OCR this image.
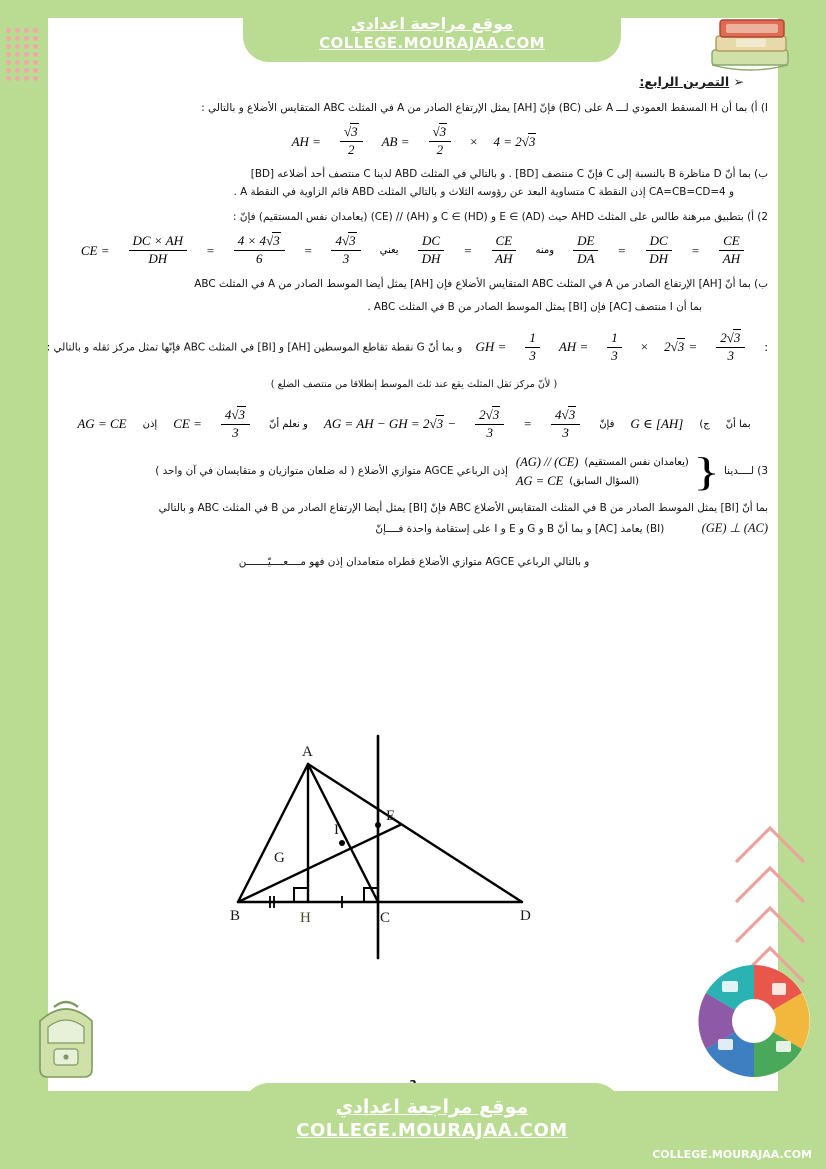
موقع مراجعة اعدادي
COLLEGE.MOURAJAA.COM
➢ التمرين الرابع:
I) أ) بما أن H المسقط العمودي لـــ A على (BC) فإنّ [AH] يمثل الإرتفاع الصادر من A في المثلث ABC المتقايس الأضلاع و بالتالي :
AH = $\frac{√3}{2}$ AB = $\frac{√3}{2} \times 4 = 2√3$
ب) بما أنّ D مناظرة B بالنسبة إلى C فإنّ C منتصف [BD] . و بالتالي في المثلث ABD لدينا C منتصف أحد أضلاعه [BD]
و CA=CB=CD=4 إذن النقطة C متساوية البعد عن رؤوسه الثلاث و بالتالي المثلث ABD قائم الزاوية في النقطة A .
2) أ) بتطبيق مبرهنة طالس على المثلث AHD حيث E ∈ (AD) و C ∈ (HD) و (AH) // (CE) (يعامدان نفس المستقيم) فإنّ :
CE = $\frac{DC \times AH}{DH} = \frac{4 \times 4√3}{6} = \frac{4√3}{3}$ يعني $\frac{DC}{DH} = \frac{CE}{AH}$ ومنه $\frac{DE}{DA} = \frac{DC}{DH} = \frac{CE}{AH}$
ب) بما أنّ [AH] الإرتفاع الصادر من A في المثلث ABC المتقايس الأضلاع فإن [AH] يمثل أيضا الموسط الصادر من A في المثلث ABC
بما أن I منتصف [AC] فإن [BI] يمثل الموسط الصادر من B في المثلث ABC .
GH = $\frac{1}{3}$ AH = $\frac{1}{3} \times 2√3 = \frac{2√3}{3}$ :
و بما أنّ G نقطة تقاطع الموسطين [AH] و [BI] في المثلث ABC فإنّها تمثل مركز ثقله و بالتالي :
( لأنّ مركز ثقل المثلث يقع عند ثلث الموسط إنطلاقا من منتصف الضلع )
AG = CE إذن CE = $\frac{4√3}{3}$ و نعلم أنّ AG = AH − GH = $2√3 - \frac{2√3}{3} = \frac{4√3}{3}$ فإنّ G ∈ [AH] ج) بما أنّ
3) لــــدينا
{
(AG) // (CE) (يعامدان نفس المستقيم)
AG = CE (السؤال السابق)
إذن الرباعي AGCE متوازي الأضلاع ( له ضلعان متوازيان و متقايسان في آن واحد )
بما أنّ [BI] يمثل الموسط الصادر من B في المثلث المتقايس الأضلاع ABC فإنّ [BI] يمثل أيضا الإرتفاع الصادر من B في المثلث ABC و بالتالي
(GE) ⊥ (AC) (BI) يعامد [AC] و بما أنّ B و G و E و I على إستقامة واحدة فــــإنّ
و بالتالي الرباعي AGCE متوازي الأضلاع قطراه متعامدان إذن فهو مــــعــــيّـــــــن
A
E
I
G
B	H	C	D
موقع مراجعة اعدادي
COLLEGE.MOURAJAA.COM
COLLEGE.MOURAJAA.COM
